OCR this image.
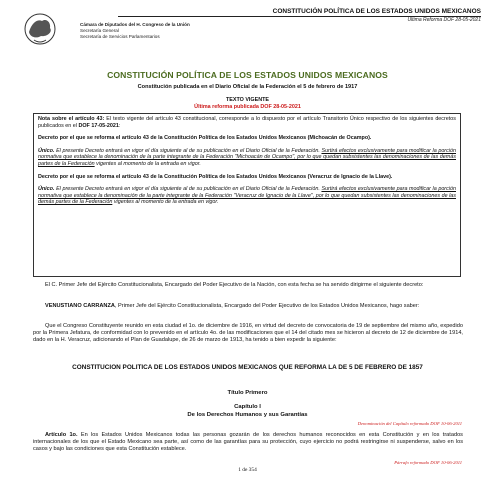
Cámara de Diputados del H. Congreso de la Unión
Secretaría General
Secretaría de Servicios Parlamentarios
CONSTITUCIÓN POLÍTICA DE LOS ESTADOS UNIDOS MEXICANOS
Última Reforma DOF 28-05-2021
CONSTITUCIÓN POLÍTICA DE LOS ESTADOS UNIDOS MEXICANOS
Constitución publicada en el Diario Oficial de la Federación el 5 de febrero de 1917
TEXTO VIGENTE
Última reforma publicada DOF 28-05-2021

Nota sobre el artículo 43: El texto vigente del artículo 43 constitucional, corresponde a lo dispuesto por el artículo Transitorio Único respectivo de los siguientes decretos publicados en el DOF 17-05-2021:

Decreto por el que se reforma el artículo 43 de la Constitución Política de los Estados Unidos Mexicanos (Michoacán de Ocampo).

Único. El presente Decreto entrará en vigor el día siguiente al de su publicación en el Diario Oficial de la Federación. Surtirá efectos exclusivamente para modificar la porción normativa que establece la denominación de la parte integrante de la Federación "Michoacán de Ocampo", por lo que quedan subsistentes las denominaciones de las demás partes de la Federación vigentes al momento de la entrada en vigor.

Decreto por el que se reforma el artículo 43 de la Constitución Política de los Estados Unidos Mexicanos (Veracruz de Ignacio de la Llave).

Único. El presente Decreto entrará en vigor el día siguiente al de su publicación en el Diario Oficial de la Federación. Surtirá efectos exclusivamente para modificar la porción normativa que establece la denominación de la parte integrante de la Federación "Veracruz de Ignacio de la Llave", por lo que quedan subsistentes las denominaciones de las demás partes de la Federación vigentes al momento de la entrada en vigor.

El C. Primer Jefe del Ejército Constitucionalista, Encargado del Poder Ejecutivo de la Nación, con esta fecha se ha servido dirigirme el siguiente decreto:

VENUSTIANO CARRANZA, Primer Jefe del Ejército Constitucionalista, Encargado del Poder Ejecutivo de los Estados Unidos Mexicanos, hago saber:

Que el Congreso Constituyente reunido en esta ciudad el 1o. de diciembre de 1916, en virtud del decreto de convocatoria de 19 de septiembre del mismo año, expedido por la Primera Jefatura, de conformidad con lo prevenido en el artículo 4o. de las modificaciones que el 14 del citado mes se hicieron al decreto de 12 de diciembre de 1914, dado en la H. Veracruz, adicionando el Plan de Guadalupe, de 26 de marzo de 1913, ha tenido a bien expedir la siguiente:

CONSTITUCION POLITICA DE LOS ESTADOS UNIDOS MEXICANOS QUE REFORMA LA DE 5 DE FEBRERO DE 1857

Título Primero

Capítulo I

De los Derechos Humanos y sus Garantías

Denominación del Capítulo reformado DOF 10-06-2011

Artículo 1o. En los Estados Unidos Mexicanos todas las personas gozarán de los derechos humanos reconocidos en esta Constitución y en los tratados internacionales de los que el Estado Mexicano sea parte, así como de las garantías para su protección, cuyo ejercicio no podrá restringirse ni suspenderse, salvo en los casos y bajo las condiciones que esta Constitución establece.

Párrafo reformado DOF 10-06-2011
1 de 354
